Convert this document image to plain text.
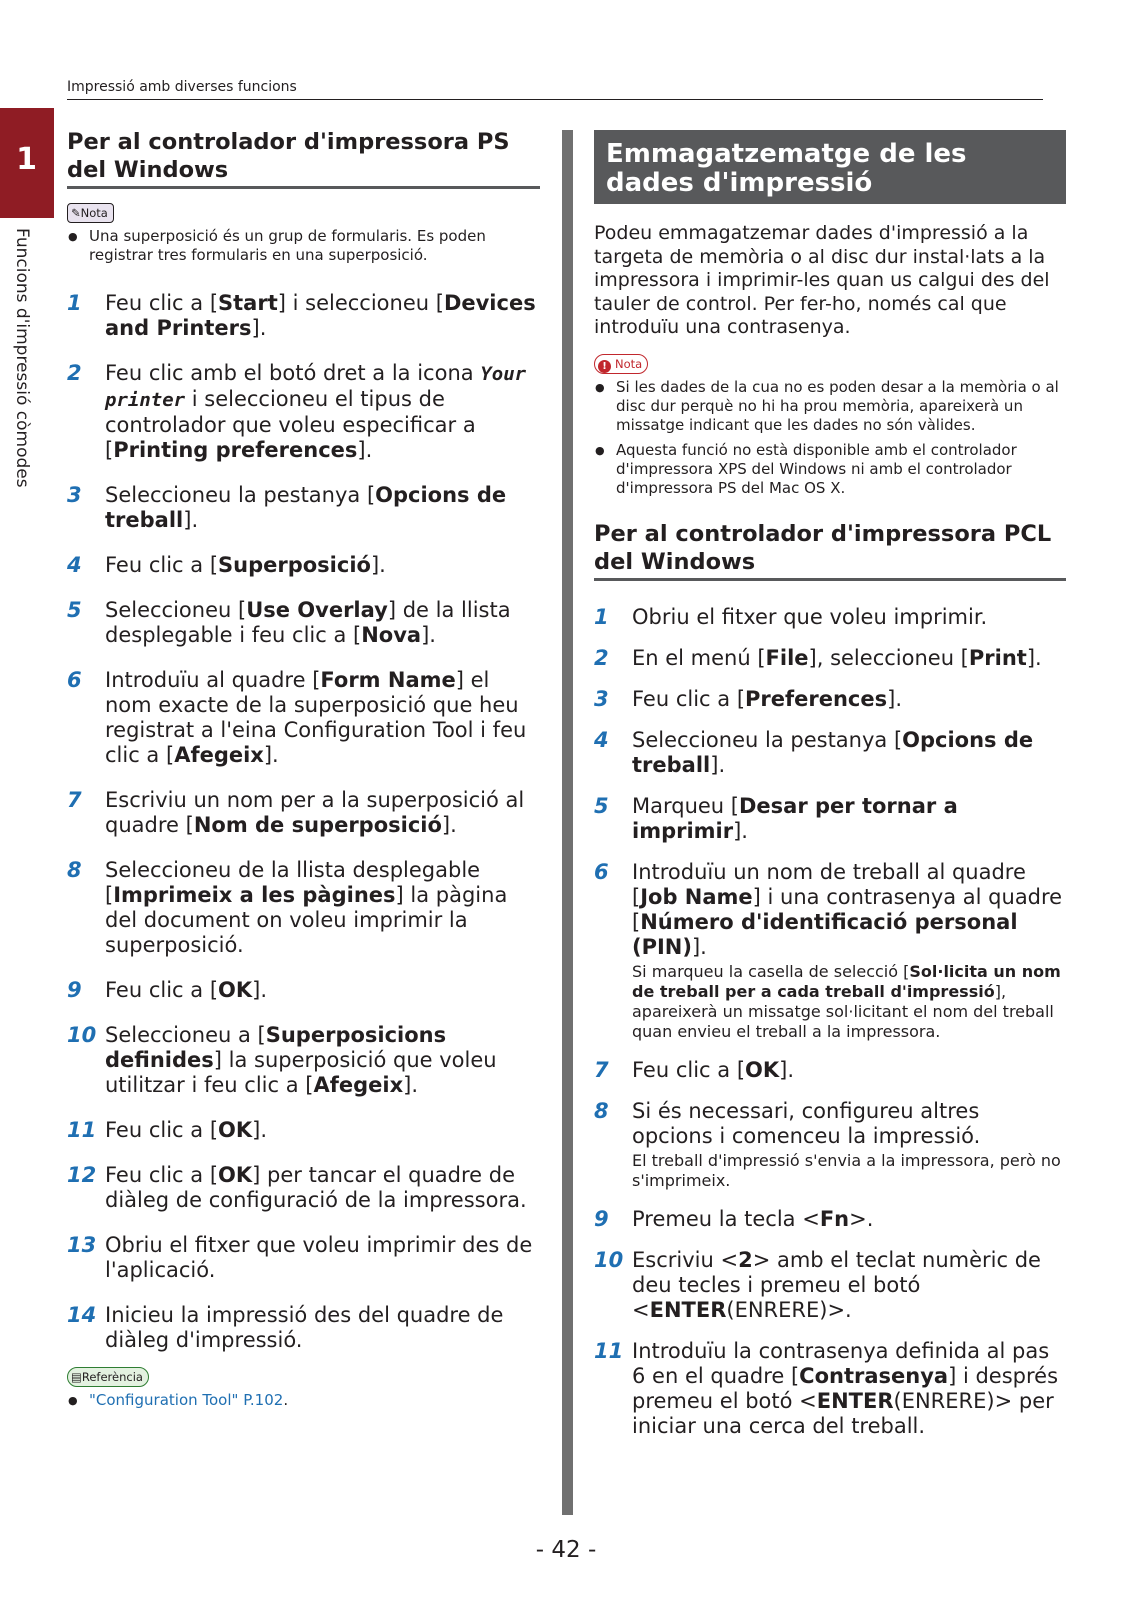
Impressió amb diverses funcions
1
Funcions d'impressió còmodes
Per al controlador d'impressora PS del Windows
✎Nota
● Una superposició és un grup de formularis. Es poden registrar tres formularis en una superposició.
1 Feu clic a [Start] i seleccioneu [Devices and Printers].
2 Feu clic amb el botó dret a la icona Your printer i seleccioneu el tipus de controlador que voleu especificar a [Printing preferences].
3 Seleccioneu la pestanya [Opcions de treball].
4 Feu clic a [Superposició].
5 Seleccioneu [Use Overlay] de la llista desplegable i feu clic a [Nova].
6 Introduïu al quadre [Form Name] el nom exacte de la superposició que heu registrat a l'eina Configuration Tool i feu clic a [Afegeix].
7 Escriviu un nom per a la superposició al quadre [Nom de superposició].
8 Seleccioneu de la llista desplegable [Imprimeix a les pàgines] la pàgina del document on voleu imprimir la superposició.
9 Feu clic a [OK].
10 Seleccioneu a [Superposicions definides] la superposició que voleu utilitzar i feu clic a [Afegeix].
11 Feu clic a [OK].
12 Feu clic a [OK] per tancar el quadre de diàleg de configuració de la impressora.
13 Obriu el fitxer que voleu imprimir des de l'aplicació.
14 Inicieu la impressió des del quadre de diàleg d'impressió.
▤Referència
● "Configuration Tool" P.102.
Emmagatzematge de les dades d'impressió

Podeu emmagatzemar dades d'impressió a la targeta de memòria o al disc dur instal·lats a la impressora i imprimir-les quan us calgui des del tauler de control. Per fer-ho, només cal que introduïu una contrasenya.

! Nota
● Si les dades de la cua no es poden desar a la memòria o al disc dur perquè no hi ha prou memòria, apareixerà un missatge indicant que les dades no són vàlides.
● Aquesta funció no està disponible amb el controlador d'impressora XPS del Windows ni amb el controlador d'impressora PS del Mac OS X.
Per al controlador d'impressora PCL del Windows
1 Obriu el fitxer que voleu imprimir.
2 En el menú [File], seleccioneu [Print].
3 Feu clic a [Preferences].
4 Seleccioneu la pestanya [Opcions de treball].
5 Marqueu [Desar per tornar a imprimir].
6 Introduïu un nom de treball al quadre [Job Name] i una contrasenya al quadre [Número d'identificació personal (PIN)].
Si marqueu la casella de selecció [Sol·licita un nom de treball per a cada treball d'impressió], apareixerà un missatge sol·licitant el nom del treball quan envieu el treball a la impressora.
7 Feu clic a [OK].
8 Si és necessari, configureu altres opcions i comenceu la impressió.
El treball d'impressió s'envia a la impressora, però no s'imprimeix.
9 Premeu la tecla <Fn>.
10 Escriviu <2> amb el teclat numèric de deu tecles i premeu el botó <ENTER(ENRERE)>.
11 Introduïu la contrasenya definida al pas 6 en el quadre [Contrasenya] i després premeu el botó <ENTER(ENRERE)> per iniciar una cerca del treball.
- 42 -
